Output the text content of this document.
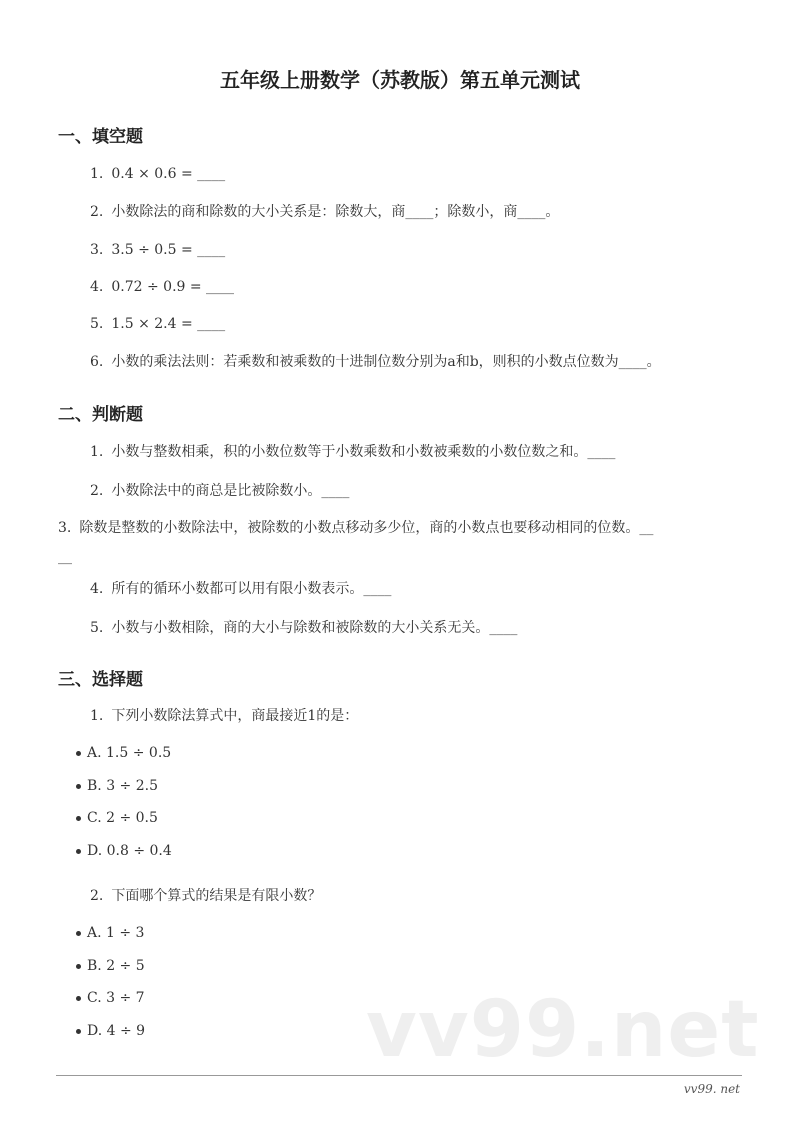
五年级上册数学（苏教版）第五单元测试
一、填空题
1. 0.4 × 0.6 = ____
2. 小数除法的商和除数的大小关系是：除数大，商____；除数小，商____。
3. 3.5 ÷ 0.5 = ____
4. 0.72 ÷ 0.9 = ____
5. 1.5 × 2.4 = ____
6. 小数的乘法法则：若乘数和被乘数的十进制位数分别为a和b，则积的小数点位数为____。
二、判断题
1. 小数与整数相乘，积的小数位数等于小数乘数和小数被乘数的小数位数之和。____
2. 小数除法中的商总是比被除数小。____
3. 除数是整数的小数除法中，被除数的小数点移动多少位，商的小数点也要移动相同的位数。__
__
4. 所有的循环小数都可以用有限小数表示。____
5. 小数与小数相除，商的大小与除数和被除数的大小关系无关。____
三、选择题
1. 下列小数除法算式中，商最接近1的是：
A. 1.5 ÷ 0.5
B. 3 ÷ 2.5
C. 2 ÷ 0.5
D. 0.8 ÷ 0.4
2. 下面哪个算式的结果是有限小数？
A. 1 ÷ 3
B. 2 ÷ 5
C. 3 ÷ 7
D. 4 ÷ 9	vv99.net
vv99. net
